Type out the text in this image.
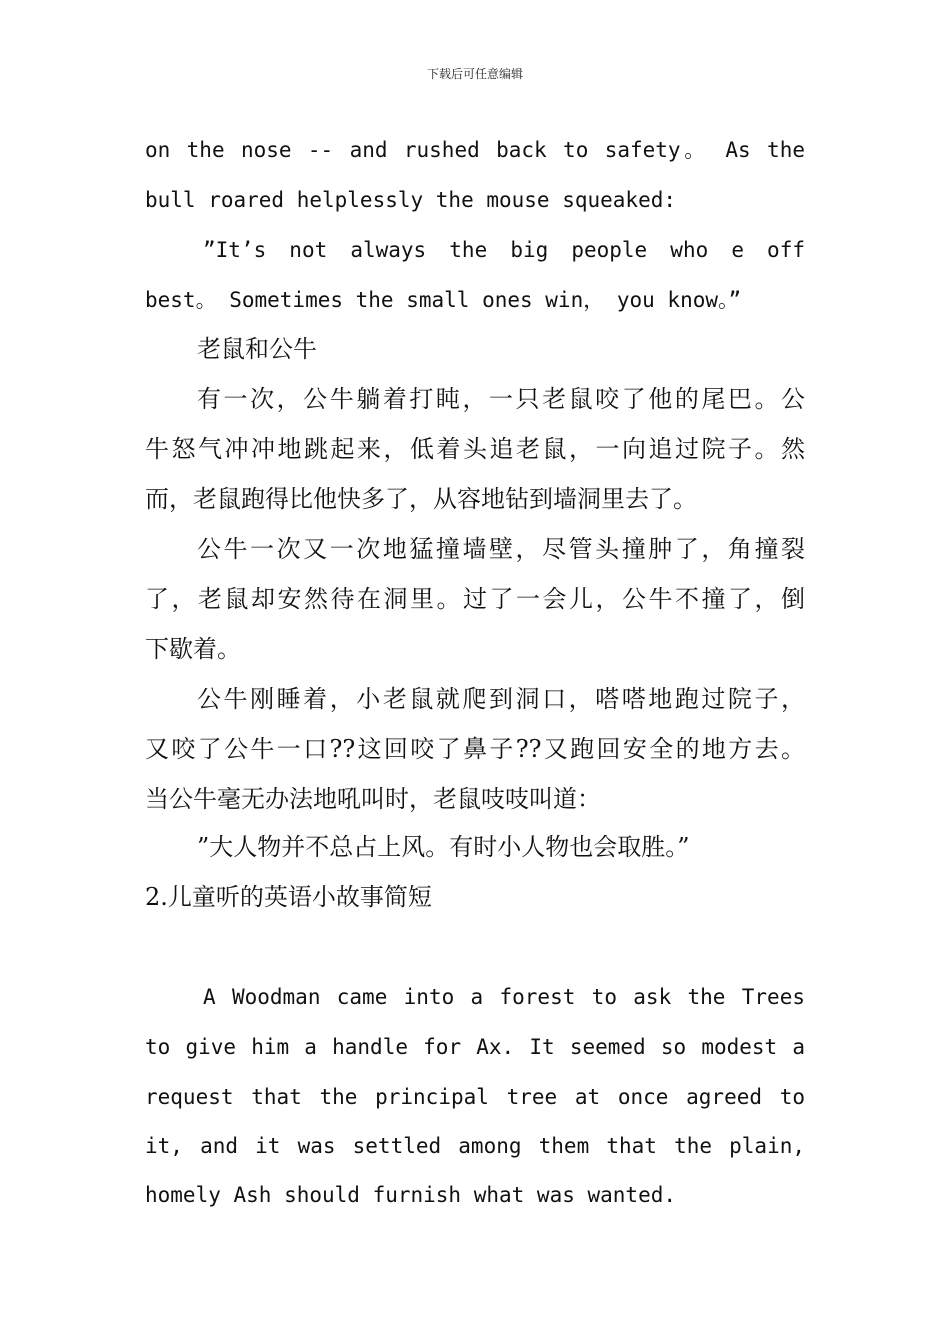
下载后可任意编辑
on the nose -- and rushed back to safety。 As the
bull roared helplessly the mouse squeaked:
”It’s not always the big people who e off
best。 Sometimes the small ones win， you know。”
老鼠和公牛
有一次，公牛躺着打盹，一只老鼠咬了他的尾巴。公
牛怒气冲冲地跳起来，低着头追老鼠，一向追过院子。然
而，老鼠跑得比他快多了，从容地钻到墙洞里去了。
公牛一次又一次地猛撞墙壁，尽管头撞肿了，角撞裂
了，老鼠却安然待在洞里。过了一会儿，公牛不撞了，倒
下歇着。
公牛刚睡着，小老鼠就爬到洞口，嗒嗒地跑过院子，
又咬了公牛一口??这回咬了鼻子??又跑回安全的地方去。
当公牛毫无办法地吼叫时，老鼠吱吱叫道：
”大人物并不总占上风。有时小人物也会取胜。”
2.儿童听的英语小故事简短
A Woodman came into a forest to ask the Trees
to give him a handle for Ax. It seemed so modest a
request that the principal tree at once agreed to
it, and it was settled among them that the plain,
homely Ash should furnish what was wanted.
